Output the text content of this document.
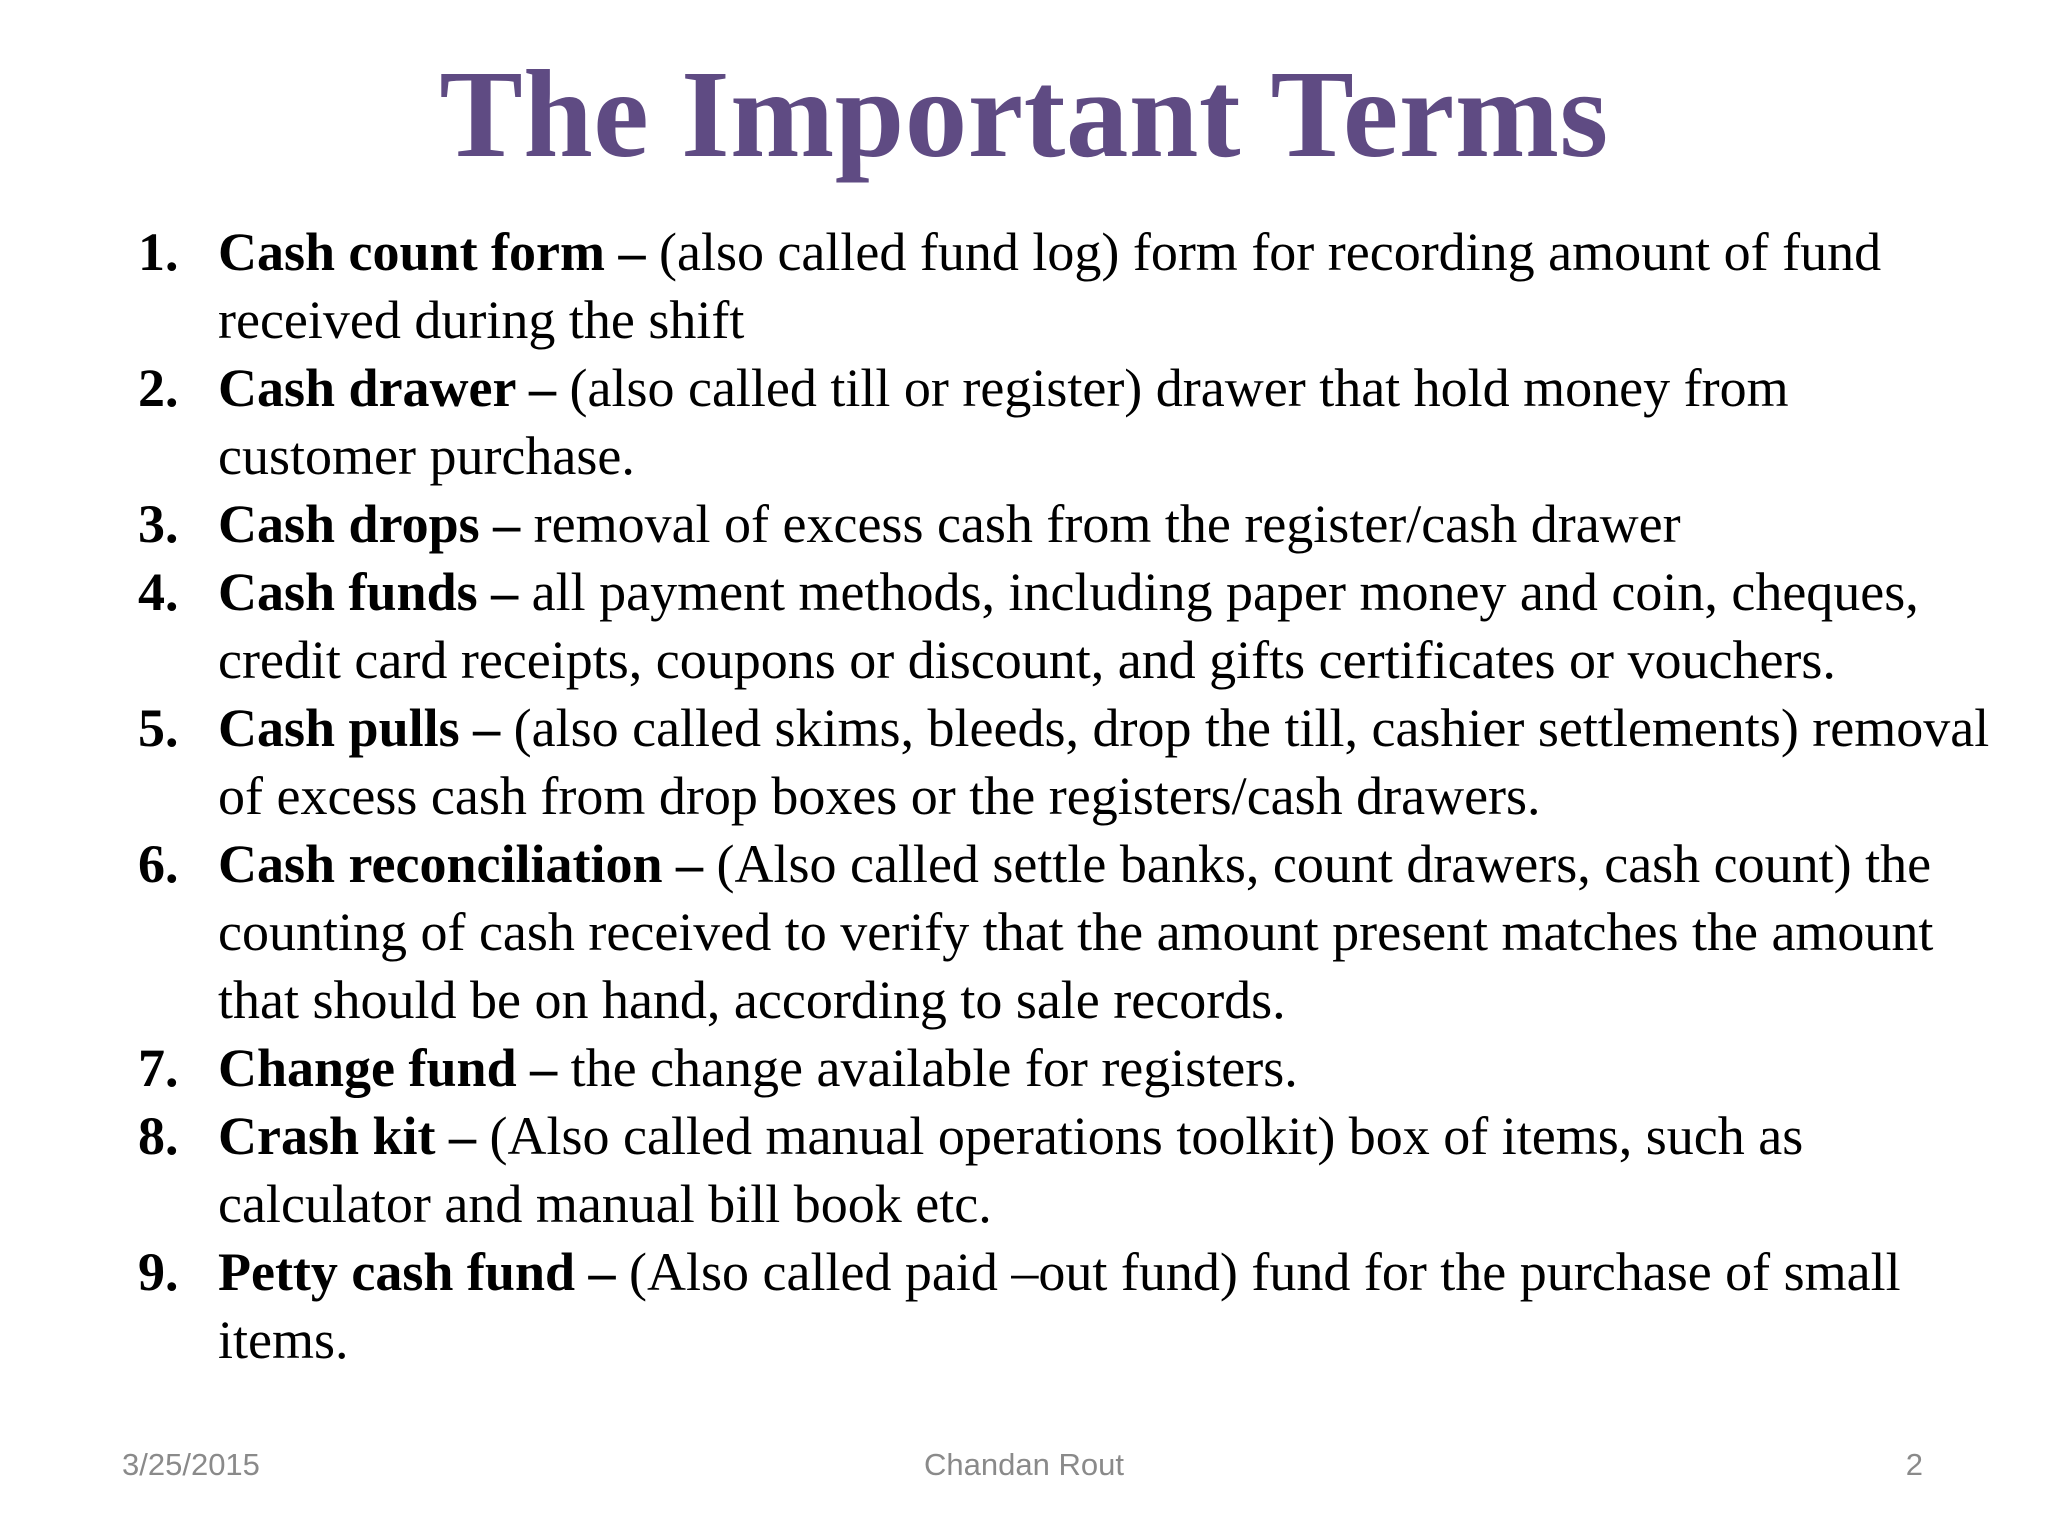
The Important Terms
1. Cash count form – (also called fund log) form for recording amount of fund received during the shift
2. Cash drawer – (also called till or register) drawer that hold money from customer purchase.
3. Cash drops – removal of excess cash from the register/cash drawer
4. Cash funds – all payment methods, including paper money and coin, cheques, credit card receipts, coupons or discount, and gifts certificates or vouchers.
5. Cash pulls – (also called skims, bleeds, drop the till, cashier settlements) removal of excess cash from drop boxes or the registers/cash drawers.
6. Cash reconciliation – (Also called settle banks, count drawers, cash count) the counting of cash received to verify that the amount present matches the amount that should be on hand, according to sale records.
7. Change fund – the change available for registers.
8. Crash kit – (Also called manual operations toolkit) box of items, such as calculator and manual bill book etc.
9. Petty cash fund – (Also called paid –out fund) fund for the purchase of small items.
3/25/2015	Chandan Rout	2
